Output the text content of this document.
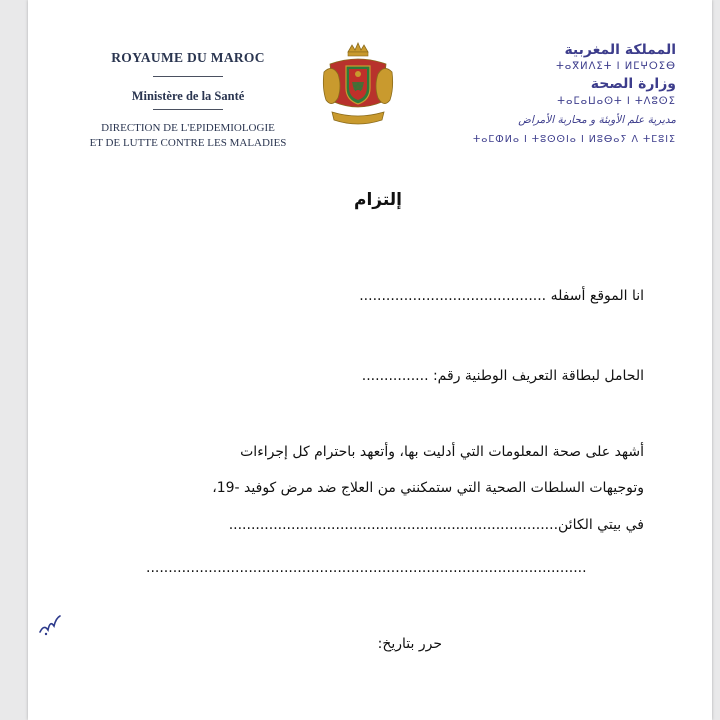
ROYAUME DU MAROC
Ministère de la Santé
DIRECTION DE L'EPIDEMIOLOGIE
ET DE LUTTE CONTRE LES MALADIES
المملكة المغربية
ⵜⴰⴳⵍⴷⵉⵜ ⵏ ⵍⵎⵖⵔⵉⴱ
وزارة الصحة
ⵜⴰⵎⴰⵡⴰⵙⵜ ⵏ ⵜⴷⵓⵙⵉ
مديرية علم الأوبئة و محاربة الأمراض
ⵜⴰⵎⵀⵍⴰ ⵏ ⵜⵓⵙⵙⵏⴰ ⵏ ⵍⵓⴱⴰⵢ ⴷ ⵜⵎⵓⵏⵉ
إلتزام
انا الموقع أسفله ..........................................
الحامل لبطاقة التعريف الوطنية رقم: ...............
أشهد على صحة المعلومات التي أدليت بها، وأتعهد باحترام كل إجراءات
وتوجيهات السلطات الصحية التي ستمكنني من العلاج ضد مرض كوفيد -19،
في بيتي الكائن..........................................................................
...................................................................................................
حرر بتاريخ:
